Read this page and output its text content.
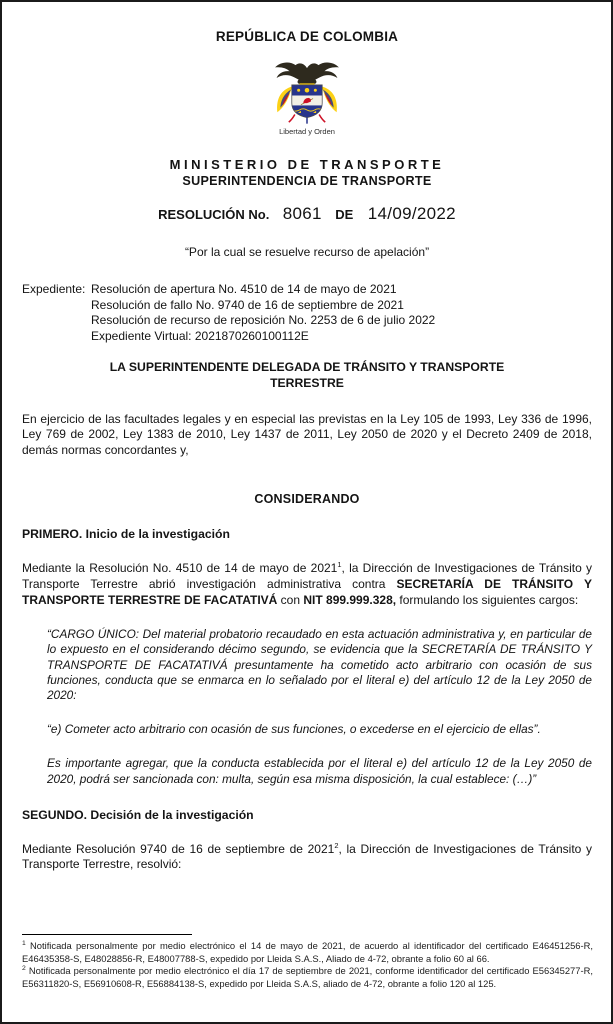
REPÚBLICA DE COLOMBIA
Libertad y Orden
MINISTERIO DE TRANSPORTE
SUPERINTENDENCIA DE TRANSPORTE
RESOLUCIÓN No. 8061 DE 14/09/2022
“Por la cual se resuelve recurso de apelación”
Expediente: Resolución de apertura No. 4510 de 14 de mayo de 2021
Resolución de fallo No. 9740 de 16 de septiembre de 2021
Resolución de recurso de reposición No. 2253 de 6 de julio 2022
Expediente Virtual: 2021870260100112E
LA SUPERINTENDENTE DELEGADA DE TRÁNSITO Y TRANSPORTE TERRESTRE

En ejercicio de las facultades legales y en especial las previstas en la Ley 105 de 1993, Ley 336 de 1996, Ley 769 de 2002, Ley 1383 de 2010, Ley 1437 de 2011, Ley 2050 de 2020 y el Decreto 2409 de 2018, demás normas concordantes y,

CONSIDERANDO
PRIMERO. Inicio de la investigación

Mediante la Resolución No. 4510 de 14 de mayo de 2021$^1$, la Dirección de Investigaciones de Tránsito y Transporte Terrestre abrió investigación administrativa contra SECRETARÍA DE TRÁNSITO Y TRANSPORTE TERRESTRE DE FACATATIVÁ con NIT 899.999.328, formulando los siguientes cargos:

“CARGO ÚNICO: Del material probatorio recaudado en esta actuación administrativa y, en particular de lo expuesto en el considerando décimo segundo, se evidencia que la SECRETARÍA DE TRÁNSITO Y TRANSPORTE DE FACATATIVÁ presuntamente ha cometido acto arbitrario con ocasión de sus funciones, conducta que se enmarca en lo señalado por el literal e) del artículo 12 de la Ley 2050 de 2020:
“e) Cometer acto arbitrario con ocasión de sus funciones, o excederse en el ejercicio de ellas”.
Es importante agregar, que la conducta establecida por el literal e) del artículo 12 de la Ley 2050 de 2020, podrá ser sancionada con: multa, según esa misma disposición, la cual establece: (…)”
SEGUNDO. Decisión de la investigación

Mediante Resolución 9740 de 16 de septiembre de 2021$^2$, la Dirección de Investigaciones de Tránsito y Transporte Terrestre, resolvió:

$^1$ Notificada personalmente por medio electrónico el 14 de mayo de 2021, de acuerdo al identificador del certificado E46451256-R, E46435358-S, E48028856-R, E48007788-S, expedido por Lleida S.A.S., Aliado de 4-72, obrante a folio 60 al 66.

$^2$ Notificada personalmente por medio electrónico el día 17 de septiembre de 2021, conforme identificador del certificado E56345277-R, E56311820-S, E56910608-R, E56884138-S, expedido por Lleida S.A.S, aliado de 4-72, obrante a folio 120 al 125.
